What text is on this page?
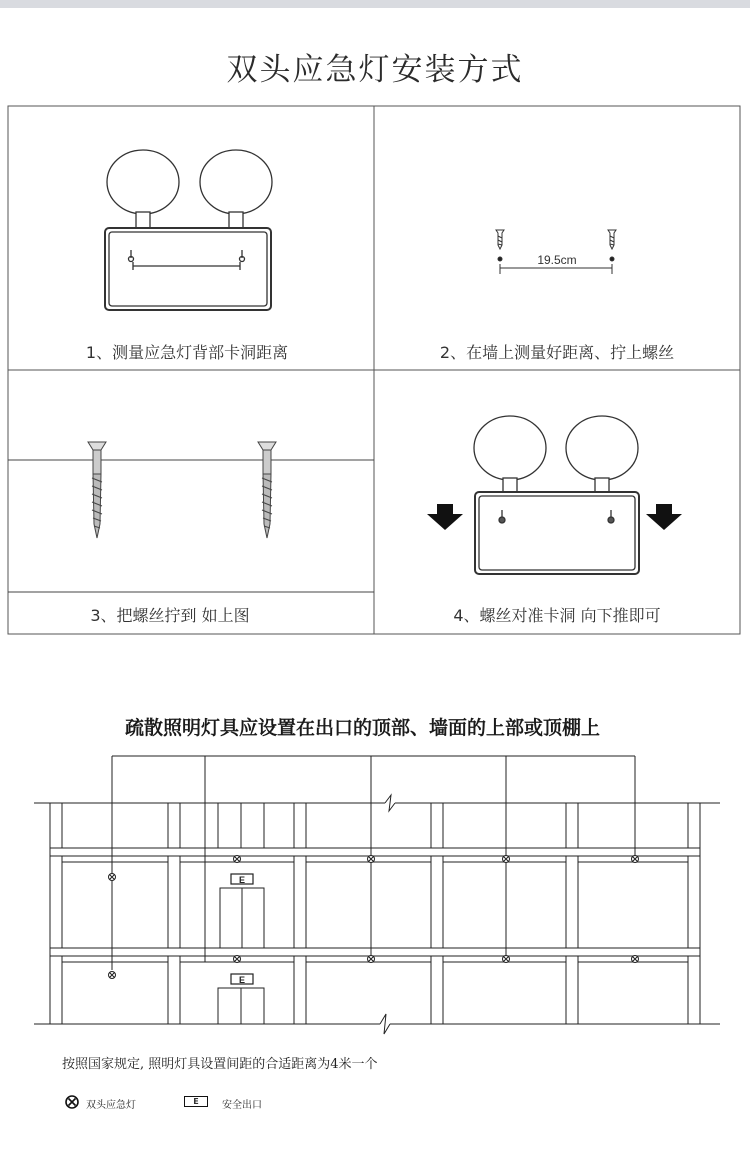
双头应急灯安装方式
19.5cm
1、测量应急灯背部卡洞距离	2、在墙上测量好距离、拧上螺丝
3、把螺丝拧到 如上图	4、螺丝对准卡洞 向下推即可
疏散照明灯具应设置在出口的顶部、墙面的上部或顶棚上
E
E
按照国家规定, 照明灯具设置间距的合适距离为4米一个
双头应急灯	E	安全出口
